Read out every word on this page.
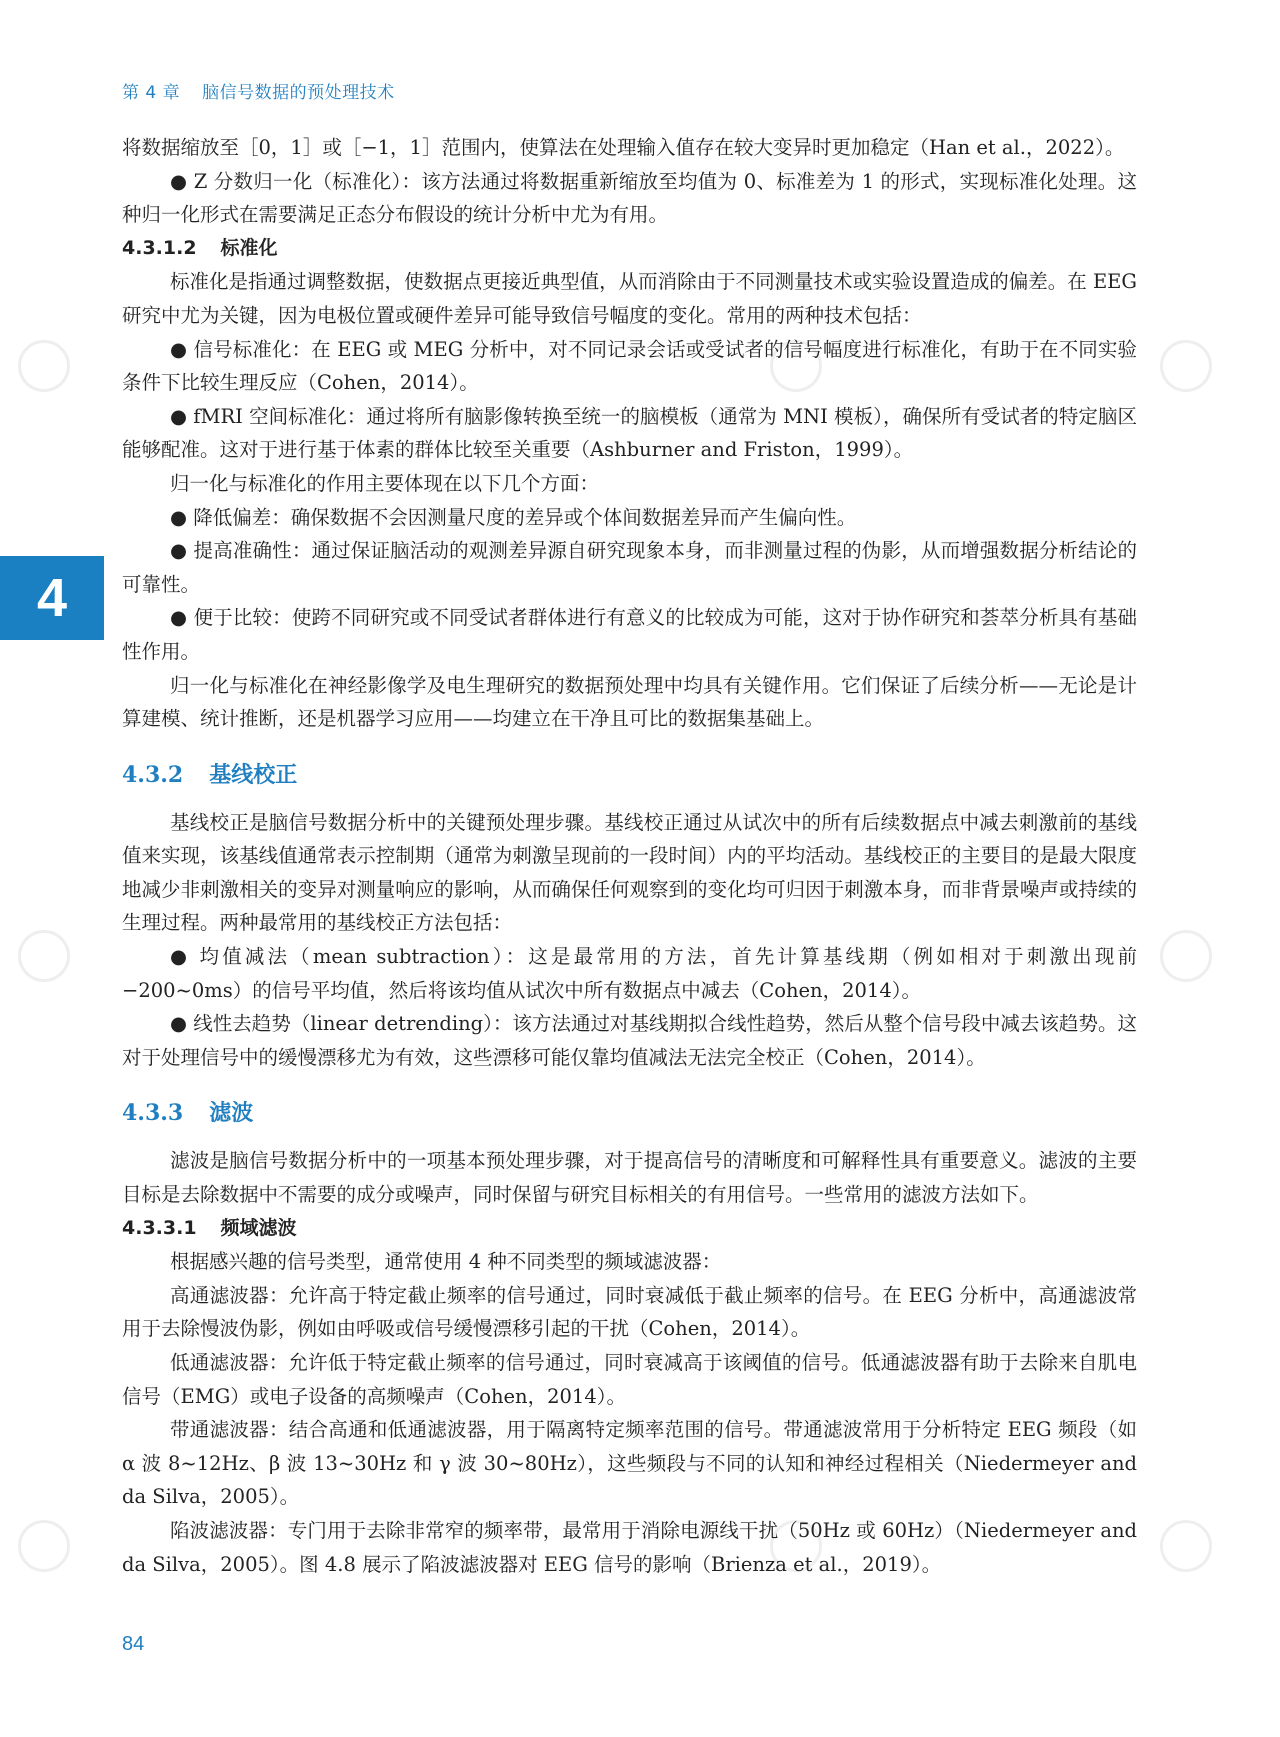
第 4 章 脑信号数据的预处理技术
4

将数据缩放至［0，1］或［−1，1］范围内，使算法在处理输入值存在较大变异时更加稳定（Han et al.，2022）。

● Z 分数归一化（标准化）：该方法通过将数据重新缩放至均值为 0、标准差为 1 的形式，实现标准化处理。这种归一化形式在需要满足正态分布假设的统计分析中尤为有用。

4.3.1.2 标准化

标准化是指通过调整数据，使数据点更接近典型值，从而消除由于不同测量技术或实验设置造成的偏差。在 EEG 研究中尤为关键，因为电极位置或硬件差异可能导致信号幅度的变化。常用的两种技术包括：

● 信号标准化：在 EEG 或 MEG 分析中，对不同记录会话或受试者的信号幅度进行标准化，有助于在不同实验条件下比较生理反应（Cohen，2014）。

● fMRI 空间标准化：通过将所有脑影像转换至统一的脑模板（通常为 MNI 模板），确保所有受试者的特定脑区能够配准。这对于进行基于体素的群体比较至关重要（Ashburner and Friston，1999）。

归一化与标准化的作用主要体现在以下几个方面：

● 降低偏差：确保数据不会因测量尺度的差异或个体间数据差异而产生偏向性。

● 提高准确性：通过保证脑活动的观测差异源自研究现象本身，而非测量过程的伪影，从而增强数据分析结论的可靠性。

● 便于比较：使跨不同研究或不同受试者群体进行有意义的比较成为可能，这对于协作研究和荟萃分析具有基础性作用。

归一化与标准化在神经影像学及电生理研究的数据预处理中均具有关键作用。它们保证了后续分析——无论是计算建模、统计推断，还是机器学习应用——均建立在干净且可比的数据集基础上。

4.3.2 基线校正

基线校正是脑信号数据分析中的关键预处理步骤。基线校正通过从试次中的所有后续数据点中减去刺激前的基线值来实现，该基线值通常表示控制期（通常为刺激呈现前的一段时间）内的平均活动。基线校正的主要目的是最大限度地减少非刺激相关的变异对测量响应的影响，从而确保任何观察到的变化均可归因于刺激本身，而非背景噪声或持续的生理过程。两种最常用的基线校正方法包括：

● 均值减法（mean subtraction）：这是最常用的方法，首先计算基线期（例如相对于刺激出现前 −200~0ms）的信号平均值，然后将该均值从试次中所有数据点中减去（Cohen，2014）。

● 线性去趋势（linear detrending）：该方法通过对基线期拟合线性趋势，然后从整个信号段中减去该趋势。这对于处理信号中的缓慢漂移尤为有效，这些漂移可能仅靠均值减法无法完全校正（Cohen，2014）。

4.3.3 滤波

滤波是脑信号数据分析中的一项基本预处理步骤，对于提高信号的清晰度和可解释性具有重要意义。滤波的主要目标是去除数据中不需要的成分或噪声，同时保留与研究目标相关的有用信号。一些常用的滤波方法如下。

4.3.3.1 频域滤波

根据感兴趣的信号类型，通常使用 4 种不同类型的频域滤波器：

高通滤波器：允许高于特定截止频率的信号通过，同时衰减低于截止频率的信号。在 EEG 分析中，高通滤波常用于去除慢波伪影，例如由呼吸或信号缓慢漂移引起的干扰（Cohen，2014）。

低通滤波器：允许低于特定截止频率的信号通过，同时衰减高于该阈值的信号。低通滤波器有助于去除来自肌电信号（EMG）或电子设备的高频噪声（Cohen，2014）。

带通滤波器：结合高通和低通滤波器，用于隔离特定频率范围的信号。带通滤波常用于分析特定 EEG 频段（如 α 波 8~12Hz、β 波 13~30Hz 和 γ 波 30~80Hz），这些频段与不同的认知和神经过程相关（Niedermeyer and da Silva，2005）。

陷波滤波器：专门用于去除非常窄的频率带，最常用于消除电源线干扰（50Hz 或 60Hz）（Niedermeyer and da Silva，2005）。图 4.8 展示了陷波滤波器对 EEG 信号的影响（Brienza et al.，2019）。

84
